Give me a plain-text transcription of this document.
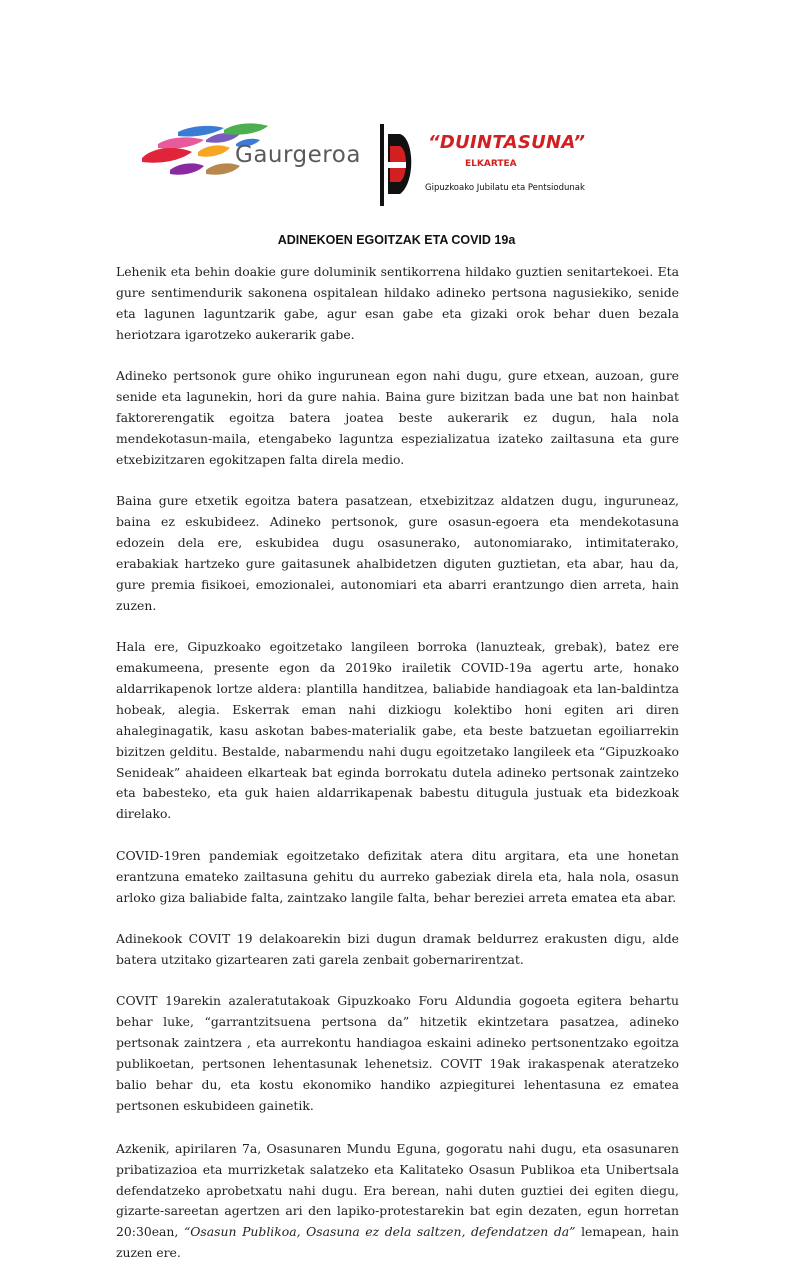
Gaurgeroa	“DUINTASUNA”
ELKARTEA
Gipuzkoako Jubilatu eta Pentsiodunak
ADINEKOEN EGOITZAK ETA COVID 19a

Lehenik eta behin doakie gure doluminik sentikorrena hildako guztien senitartekoei. Eta gure sentimendurik sakonena ospitalean hildako adineko pertsona nagusiekiko, senide eta lagunen laguntzarik gabe, agur esan gabe eta gizaki orok behar duen bezala heriotzara igarotzeko aukerarik gabe.

Adineko pertsonok gure ohiko ingurunean egon nahi dugu, gure etxean, auzoan, gure senide eta lagunekin, hori da gure nahia. Baina gure bizitzan bada une bat non hainbat faktorerengatik egoitza batera joatea beste aukerarik ez dugun, hala nola mendekotasun-maila, etengabeko laguntza espezializatua izateko zailtasuna eta gure etxebizitzaren egokitzapen falta direla medio.

Baina gure etxetik egoitza batera pasatzean, etxebizitzaz aldatzen dugu, inguruneaz, baina ez eskubideez. Adineko pertsonok, gure osasun-egoera eta mendekotasuna edozein dela ere, eskubidea dugu osasunerako, autonomiarako, intimitaterako, erabakiak hartzeko gure gaitasunek ahalbidetzen diguten guztietan, eta abar, hau da, gure premia fisikoei, emozionalei, autonomiari eta abarri erantzungo dien arreta, hain zuzen.

Hala ere, Gipuzkoako egoitzetako langileen borroka (lanuzteak, grebak), batez ere emakumeena, presente egon da 2019ko irailetik COVID-19a agertu arte, honako aldarrikapenok lortze aldera: plantilla handitzea, baliabide handiagoak eta lan-baldintza hobeak, alegia. Eskerrak eman nahi dizkiogu kolektibo honi egiten ari diren ahaleginagatik, kasu askotan babes-materialik gabe, eta beste batzuetan egoiliarrekin bizitzen gelditu. Bestalde, nabarmendu nahi dugu egoitzetako langileek eta “Gipuzkoako Senideak” ahaideen elkarteak bat eginda borrokatu dutela adineko pertsonak zaintzeko eta babesteko, eta guk haien aldarrikapenak babestu ditugula justuak eta bidezkoak direlako.

COVID-19ren pandemiak egoitzetako defizitak atera ditu argitara, eta une honetan erantzuna emateko zailtasuna gehitu du aurreko gabeziak direla eta, hala nola, osasun arloko giza baliabide falta, zaintzako langile falta, behar bereziei arreta ematea eta abar.

Adinekook COVIT 19 delakoarekin bizi dugun dramak beldurrez erakusten digu, alde batera utzitako gizartearen zati garela zenbait gobernarirentzat.

COVIT 19arekin azaleratutakoak Gipuzkoako Foru Aldundia gogoeta egitera behartu behar luke, “garrantzitsuena pertsona da” hitzetik ekintzetara pasatzea, adineko pertsonak zaintzera , eta aurrekontu handiagoa eskaini adineko pertsonentzako egoitza publikoetan, pertsonen lehentasunak lehenetsiz. COVIT 19ak irakaspenak ateratzeko balio behar du, eta kostu ekonomiko handiko azpiegiturei lehentasuna ez ematea pertsonen eskubideen gainetik.

Azkenik, apirilaren 7a, Osasunaren Mundu Eguna, gogoratu nahi dugu, eta osasunaren pribatizazioa eta murrizketak salatzeko eta Kalitateko Osasun Publikoa eta Unibertsala defendatzeko aprobetxatu nahi dugu. Era berean, nahi duten guztiei dei egiten diegu, gizarte-sareetan agertzen ari den lapiko-protestarekin bat egin dezaten, egun horretan 20:30ean, “Osasun Publikoa, Osasuna ez dela saltzen, defendatzen da” lemapean, hain zuzen ere.
